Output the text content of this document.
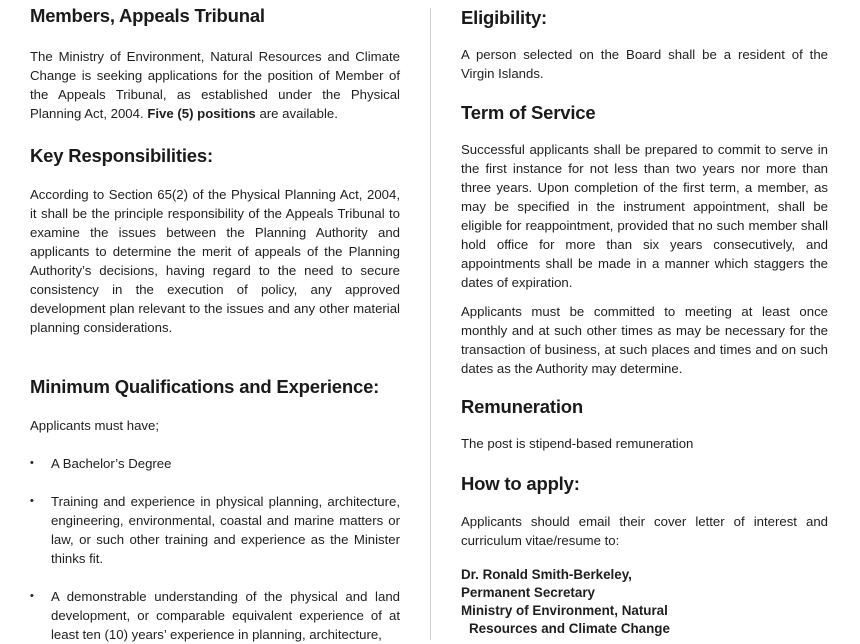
Members, Appeals Tribunal

The Ministry of Environment, Natural Resources and Climate Change is seeking applications for the position of Member of the Appeals Tribunal, as established under the Physical Planning Act, 2004. Five (5) positions are available.

Key Responsibilities:

According to Section 65(2) of the Physical Planning Act, 2004, it shall be the principle responsibility of the Appeals Tribunal to examine the issues between the Planning Authority and applicants to determine the merit of appeals of the Planning Authority’s decisions, having regard to the need to secure consistency in the execution of policy, any approved development plan relevant to the issues and any other material planning considerations.

Minimum Qualifications and Experience:

Applicants must have;

• A Bachelor’s Degree
• Training and experience in physical planning, architecture, engineering, environmental, coastal and marine matters or law, or such other training and experience as the Minister thinks fit.
• A demonstrable understanding of the physical and land development, or comparable equivalent experience of at least ten (10) years’ experience in planning, architecture,
Eligibility:

A person selected on the Board shall be a resident of the Virgin Islands.

Term of Service

Successful applicants shall be prepared to commit to serve in the first instance for not less than two years nor more than three years. Upon completion of the first term, a member, as may be specified in the instrument appointment, shall be eligible for reappointment, provided that no such member shall hold office for more than six years consecutively, and appointments shall be made in a manner which staggers the dates of expiration.

Applicants must be committed to meeting at least once monthly and at such other times as may be necessary for the transaction of business, at such places and times and on such dates as the Authority may determine.

Remuneration

The post is stipend-based remuneration

How to apply:

Applicants should email their cover letter of interest and curriculum vitae/resume to:

Dr. Ronald Smith-Berkeley,
Permanent Secretary
Ministry of Environment, Natural
Resources and Climate Change
